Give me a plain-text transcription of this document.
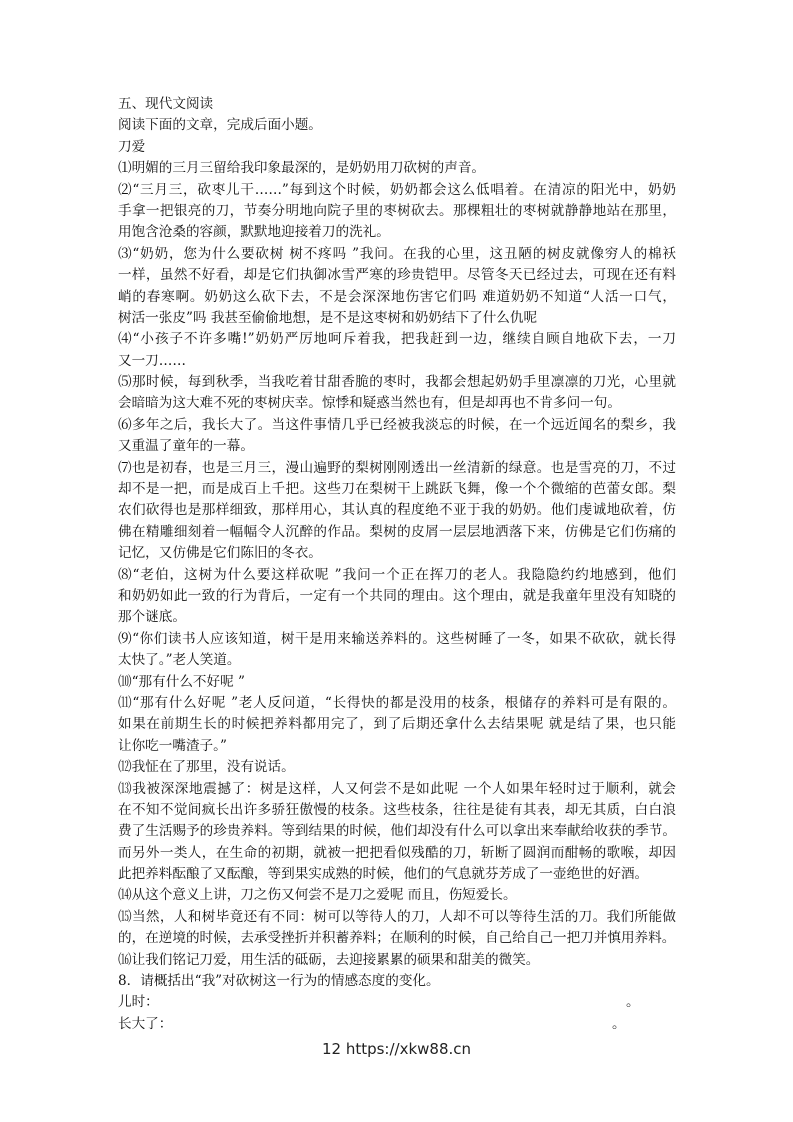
五、现代文阅读
阅读下面的文章，完成后面小题。
刀爱
⑴明媚的三月三留给我印象最深的，是奶奶用刀砍树的声音。
⑵“三月三，砍枣儿干……”每到这个时候，奶奶都会这么低唱着。在清凉的阳光中，奶奶
手拿一把银亮的刀，节奏分明地向院子里的枣树砍去。那棵粗壮的枣树就静静地站在那里，
用饱含沧桑的容颜，默默地迎接着刀的洗礼。
⑶“奶奶，您为什么要砍树 树不疼吗 ”我问。在我的心里，这丑陋的树皮就像穷人的棉袄
一样，虽然不好看，却是它们执御冰雪严寒的珍贵铠甲。尽管冬天已经过去，可现在还有料
峭的春寒啊。奶奶这么砍下去，不是会深深地伤害它们吗 难道奶奶不知道“人活一口气，
树活一张皮”吗 我甚至偷偷地想，是不是这枣树和奶奶结下了什么仇呢
⑷“小孩子不许多嘴!”奶奶严厉地呵斥着我，把我赶到一边，继续自顾自地砍下去，一刀
又一刀……
⑸那时候，每到秋季，当我吃着甘甜香脆的枣时，我都会想起奶奶手里凛凛的刀光，心里就
会暗暗为这大难不死的枣树庆幸。惊悸和疑惑当然也有，但是却再也不肯多问一句。
⑹多年之后，我长大了。当这件事情几乎已经被我淡忘的时候，在一个远近闻名的梨乡，我
又重温了童年的一幕。
⑺也是初春，也是三月三，漫山遍野的梨树刚刚透出一丝清新的绿意。也是雪亮的刀，不过
却不是一把，而是成百上千把。这些刀在梨树干上跳跃飞舞，像一个个微缩的芭蕾女郎。梨
农们砍得也是那样细致，那样用心，其认真的程度绝不亚于我的奶奶。他们虔诚地砍着，仿
佛在精雕细刻着一幅幅令人沉醉的作品。梨树的皮屑一层层地洒落下来，仿佛是它们伤痛的
记忆，又仿佛是它们陈旧的冬衣。
⑻“老伯，这树为什么要这样砍呢 ”我问一个正在挥刀的老人。我隐隐约约地感到，他们
和奶奶如此一致的行为背后，一定有一个共同的理由。这个理由，就是我童年里没有知晓的
那个谜底。
⑼“你们读书人应该知道，树干是用来输送养料的。这些树睡了一冬，如果不砍砍，就长得
太快了。”老人笑道。
⑽“那有什么不好呢 ”
⑾“那有什么好呢 ”老人反问道，“长得快的都是没用的枝条，根储存的养料可是有限的。
如果在前期生长的时候把养料都用完了，到了后期还拿什么去结果呢 就是结了果，也只能
让你吃一嘴渣子。”
⑿我怔在了那里，没有说话。
⒀我被深深地震撼了：树是这样，人又何尝不是如此呢 一个人如果年轻时过于顺利，就会
在不知不觉间疯长出许多骄狂傲慢的枝条。这些枝条，往往是徒有其表，却无其质，白白浪
费了生活赐予的珍贵养料。等到结果的时候，他们却没有什么可以拿出来奉献给收获的季节。
而另外一类人，在生命的初期，就被一把把看似残酷的刀，斩断了圆润而酣畅的歌喉，却因
此把养料酝酿了又酝酿，等到果实成熟的时候，他们的气息就芬芳成了一壶绝世的好酒。
⒁从这个意义上讲，刀之伤又何尝不是刀之爱呢 而且，伤短爱长。
⒂当然，人和树毕竟还有不同：树可以等待人的刀，人却不可以等待生活的刀。我们所能做
的，在逆境的时候，去承受挫折并积蓄养料；在顺利的时候，自己给自己一把刀并慎用养料。
⒃让我们铭记刀爱，用生活的砥砺，去迎接累累的硕果和甜美的微笑。
8．请概括出“我”对砍树这一行为的情感态度的变化。
儿时：	。
长大了：	。
12 https://xkw88.cn
